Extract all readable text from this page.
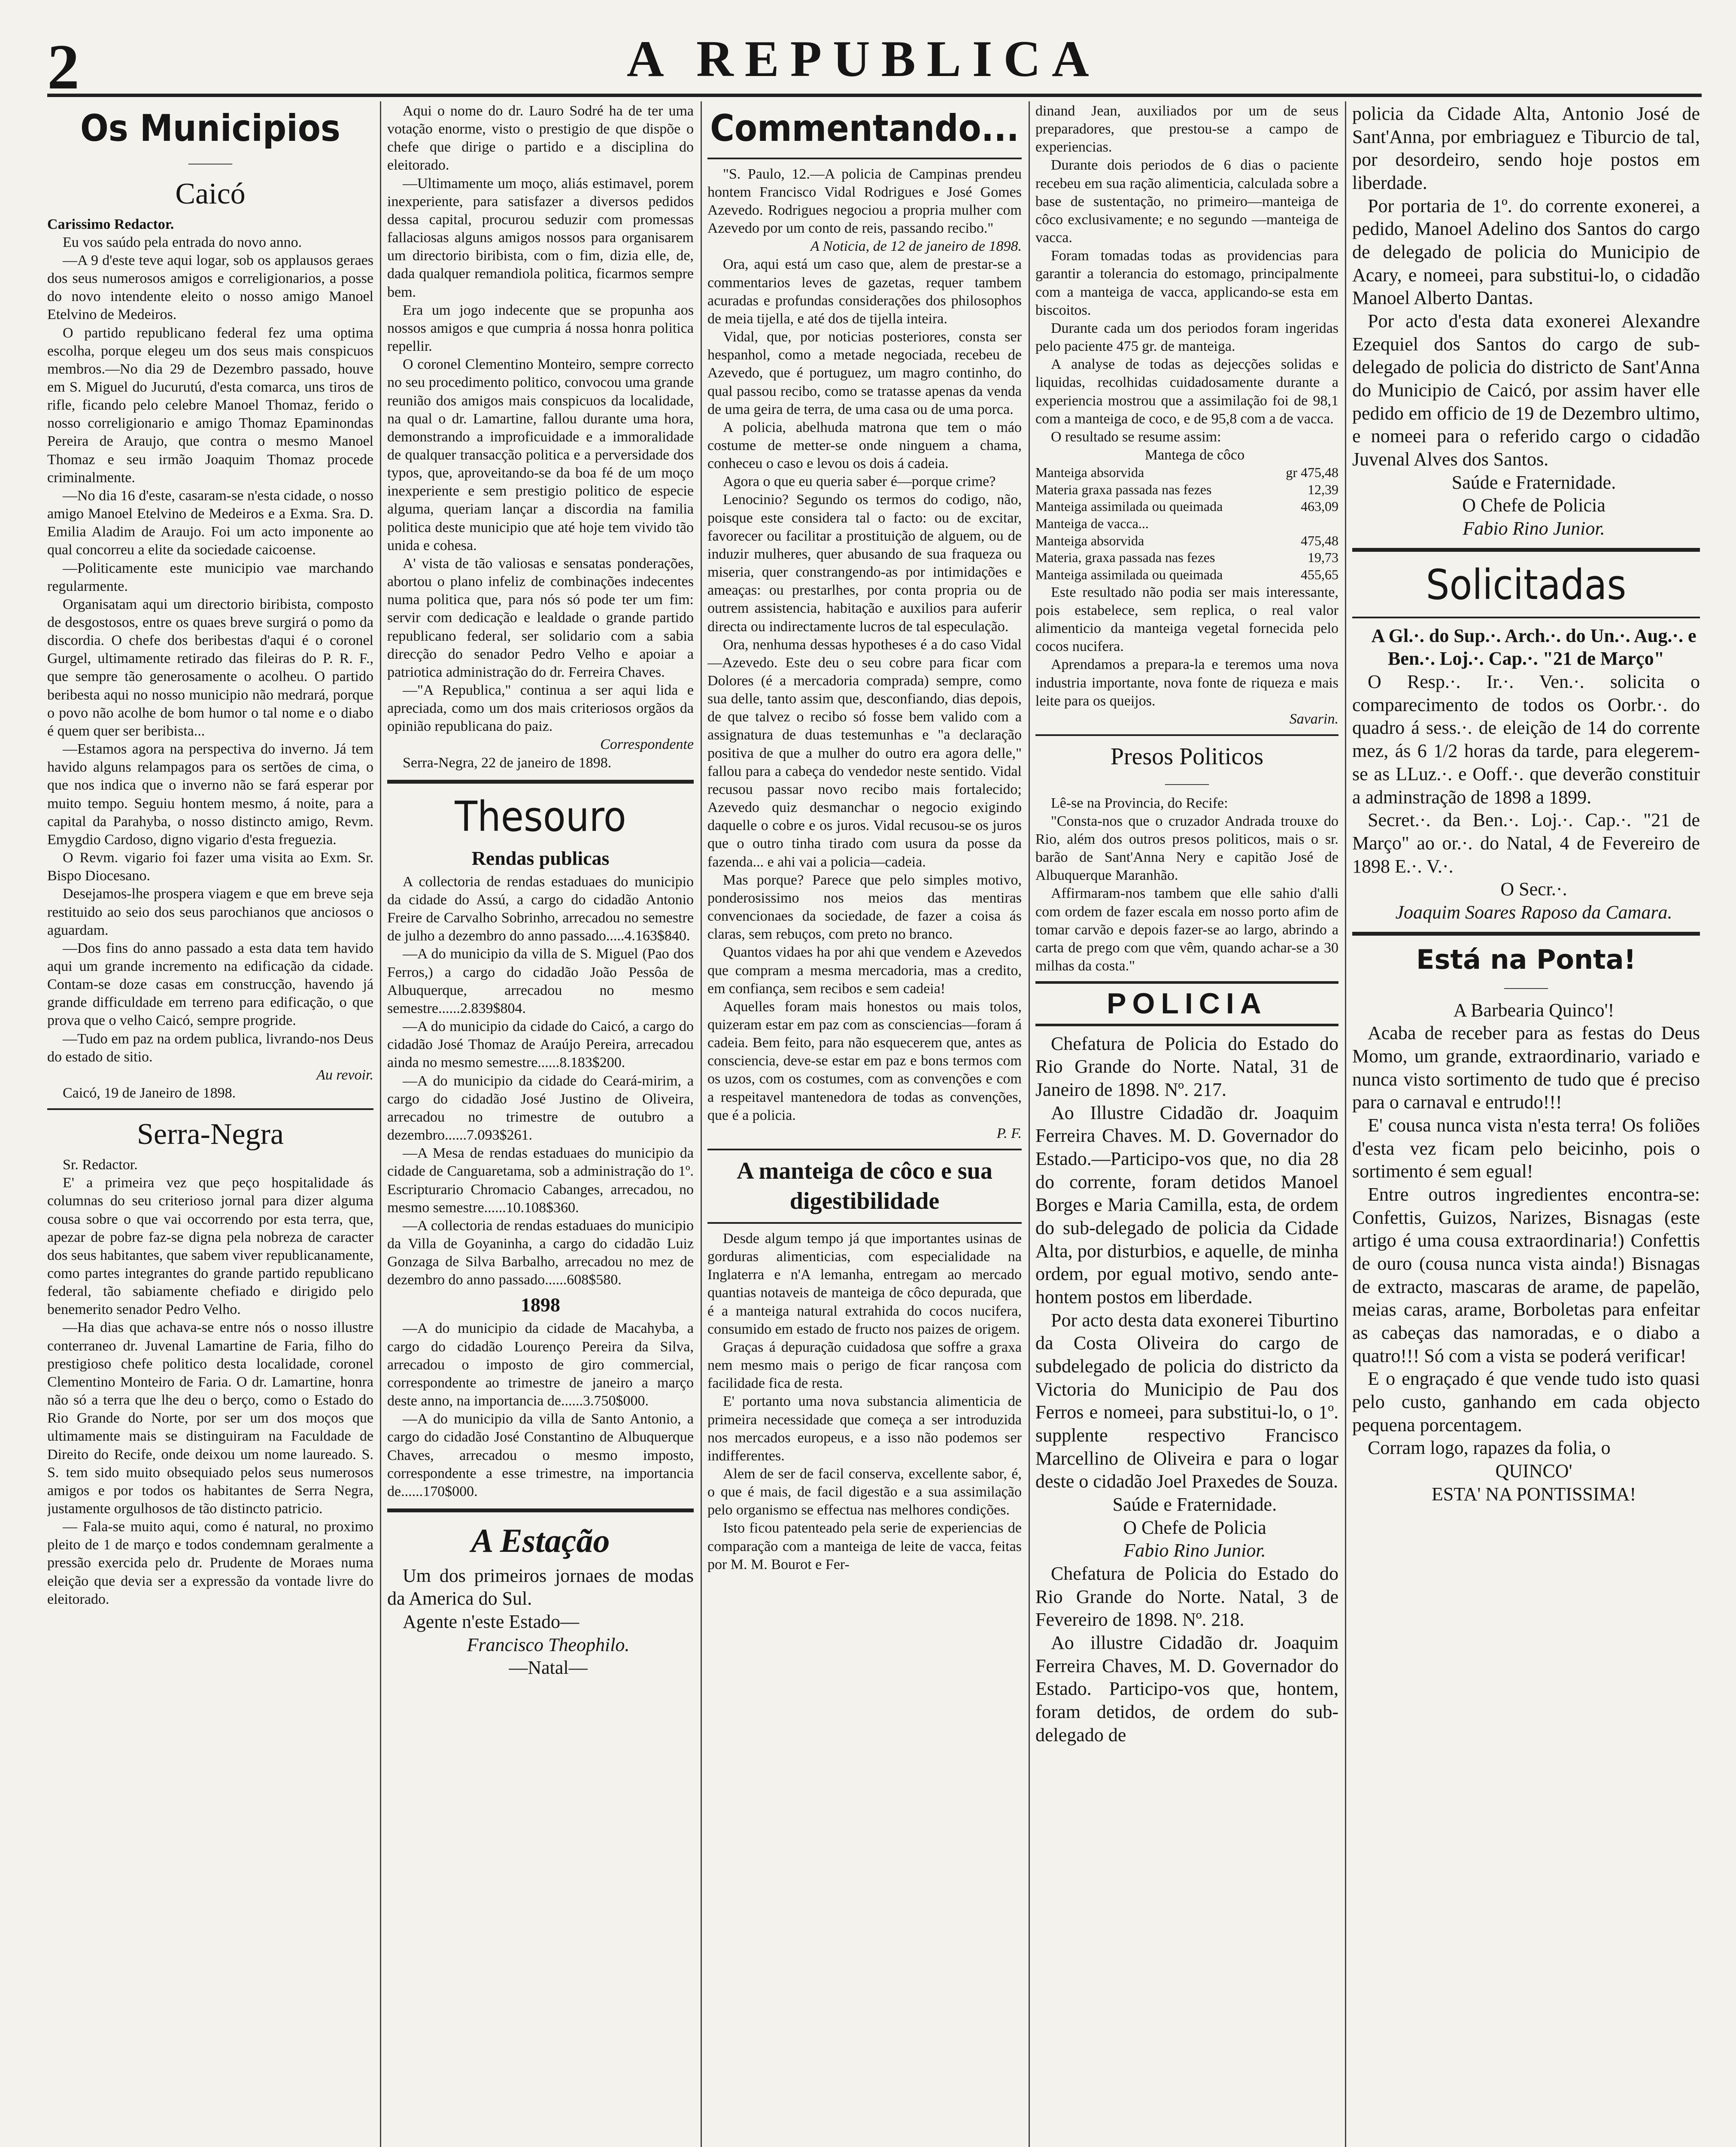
2	A REPUBLICA
Os Municipios
———
Caicó

Carissimo Redactor.

Eu vos saúdo pela entrada do novo anno.

—A 9 d'este teve aqui logar, sob os applausos geraes dos seus numerosos amigos e correligionarios, a posse do novo intendente eleito o nosso amigo Manoel Etelvino de Medeiros.

O partido republicano federal fez uma optima escolha, porque elegeu um dos seus mais conspicuos membros.—No dia 29 de Dezembro passado, houve em S. Miguel do Jucurutú, d'esta comarca, uns tiros de rifle, ficando pelo celebre Manoel Thomaz, ferido o nosso correligionario e amigo Thomaz Epaminondas Pereira de Araujo, que contra o mesmo Manoel Thomaz e seu irmão Joaquim Thomaz procede criminalmente.

—No dia 16 d'este, casaram-se n'esta cidade, o nosso amigo Manoel Etelvino de Medeiros e a Exma. Sra. D. Emilia Aladim de Araujo. Foi um acto imponente ao qual concorreu a elite da sociedade caicoense.

—Politicamente este municipio vae marchando regularmente.

Organisatam aqui um directorio biribista, composto de desgostosos, entre os quaes breve surgirá o pomo da discordia. O chefe dos beribestas d'aqui é o coronel Gurgel, ultimamente retirado das fileiras do P. R. F., que sempre tão generosamente o acolheu. O partido beribesta aqui no nosso municipio não medrará, porque o povo não acolhe de bom humor o tal nome e o diabo é quem quer ser beribista...

—Estamos agora na perspectiva do inverno. Já tem havido alguns relampagos para os sertões de cima, o que nos indica que o inverno não se fará esperar por muito tempo. Seguiu hontem mesmo, á noite, para a capital da Parahyba, o nosso distincto amigo, Revm. Emygdio Cardoso, digno vigario d'esta freguezia.

O Revm. vigario foi fazer uma visita ao Exm. Sr. Bispo Diocesano.

Desejamos-lhe prospera viagem e que em breve seja restituido ao seio dos seus parochianos que anciosos o aguardam.

—Dos fins do anno passado a esta data tem havido aqui um grande incremento na edificação da cidade. Contam-se doze casas em construcção, havendo já grande difficuldade em terreno para edificação, o que prova que o velho Caicó, sempre progride.

—Tudo em paz na ordem publica, livrando-nos Deus do estado de sitio.

Au revoir.

Caicó, 19 de Janeiro de 1898.

Serra-Negra

Sr. Redactor.

E' a primeira vez que peço hospitalidade ás columnas do seu criterioso jornal para dizer alguma cousa sobre o que vai occorrendo por esta terra, que, apezar de pobre faz-se digna pela nobreza de caracter dos seus habitantes, que sabem viver republicanamente, como partes integrantes do grande partido republicano federal, tão sabiamente chefiado e dirigido pelo benemerito senador Pedro Velho.

—Ha dias que achava-se entre nós o nosso illustre conterraneo dr. Juvenal Lamartine de Faria, filho do prestigioso chefe politico desta localidade, coronel Clementino Monteiro de Faria. O dr. Lamartine, honra não só a terra que lhe deu o berço, como o Estado do Rio Grande do Norte, por ser um dos moços que ultimamente mais se distinguiram na Faculdade de Direito do Recife, onde deixou um nome laureado. S. S. tem sido muito obsequiado pelos seus numerosos amigos e por todos os habitantes de Serra Negra, justamente orgulhosos de tão distincto patricio.

— Fala-se muito aqui, como é natural, no proximo pleito de 1 de março e todos condemnam geralmente a pressão exercida pelo dr. Prudente de Moraes numa eleição que devia ser a expressão da vontade livre do eleitorado.

Aqui o nome do dr. Lauro Sodré ha de ter uma votação enorme, visto o prestigio de que dispõe o chefe que dirige o partido e a disciplina do eleitorado.

—Ultimamente um moço, aliás estimavel, porem inexperiente, para satisfazer a diversos pedidos dessa capital, procurou seduzir com promessas fallaciosas alguns amigos nossos para organisarem um directorio biribista, com o fim, dizia elle, de, dada qualquer remandiola politica, ficarmos sempre bem.

Era um jogo indecente que se propunha aos nossos amigos e que cumpria á nossa honra politica repellir.

O coronel Clementino Monteiro, sempre correcto no seu procedimento politico, convocou uma grande reunião dos amigos mais conspicuos da localidade, na qual o dr. Lamartine, fallou durante uma hora, demonstrando a improficuidade e a immoralidade de qualquer transacção politica e a perversidade dos typos, que, aproveitando-se da boa fé de um moço inexperiente e sem prestigio politico de especie alguma, queriam lançar a discordia na familia politica deste municipio que até hoje tem vivido tão unida e cohesa.

A' vista de tão valiosas e sensatas ponderações, abortou o plano infeliz de combinações indecentes numa politica que, para nós só pode ter um fim: servir com dedicação e lealdade o grande partido republicano federal, ser solidario com a sabia direcção do senador Pedro Velho e apoiar a patriotica administração do dr. Ferreira Chaves.

—"A Republica," continua a ser aqui lida e apreciada, como um dos mais criteriosos orgãos da opinião republicana do paiz.

Correspondente

Serra-Negra, 22 de janeiro de 1898.

Thesouro
Rendas publicas

A collectoria de rendas estaduaes do municipio da cidade do Assú, a cargo do cidadão Antonio Freire de Carvalho Sobrinho, arrecadou no semestre de julho a dezembro do anno passado.....4.163$840.

—A do municipio da villa de S. Miguel (Pao dos Ferros,) a cargo do cidadão João Pessôa de Albuquerque, arrecadou no mesmo semestre......2.839$804.

—A do municipio da cidade do Caicó, a cargo do cidadão José Thomaz de Araújo Pereira, arrecadou ainda no mesmo semestre......8.183$200.

—A do municipio da cidade do Ceará-mirim, a cargo do cidadão José Justino de Oliveira, arrecadou no trimestre de outubro a dezembro......7.093$261.

—A Mesa de rendas estaduaes do municipio da cidade de Canguaretama, sob a administração do 1º. Escripturario Chromacio Cabanges, arrecadou, no mesmo semestre......10.108$360.

—A collectoria de rendas estaduaes do municipio da Villa de Goyaninha, a cargo do cidadão Luiz Gonzaga de Silva Barbalho, arrecadou no mez de dezembro do anno passado......608$580.

1898

—A do municipio da cidade de Macahyba, a cargo do cidadão Lourenço Pereira da Silva, arrecadou o imposto de giro commercial, correspondente ao trimestre de janeiro a março deste anno, na importancia de......3.750$000.

—A do municipio da villa de Santo Antonio, a cargo do cidadão José Constantino de Albuquerque Chaves, arrecadou o mesmo imposto, correspondente a esse trimestre, na importancia de......170$000.

A Estação

Um dos primeiros jornaes de modas da America do Sul.

Agente n'este Estado—

Francisco Theophilo.

—Natal—

Commentando...

"S. Paulo, 12.—A policia de Campinas prendeu hontem Francisco Vidal Rodrigues e José Gomes Azevedo. Rodrigues negociou a propria mulher com Azevedo por um conto de reis, passando recibo."

A Noticia, de 12 de janeiro de 1898.

Ora, aqui está um caso que, alem de prestar-se a commentarios leves de gazetas, requer tambem acuradas e profundas considerações dos philosophos de meia tijella, e até dos de tijella inteira.

Vidal, que, por noticias posteriores, consta ser hespanhol, como a metade negociada, recebeu de Azevedo, que é portuguez, um magro continho, do qual passou recibo, como se tratasse apenas da venda de uma geira de terra, de uma casa ou de uma porca.

A policia, abelhuda matrona que tem o máo costume de metter-se onde ninguem a chama, conheceu o caso e levou os dois á cadeia.

Agora o que eu queria saber é—porque crime?

Lenocinio? Segundo os termos do codigo, não, poisque este considera tal o facto: ou de excitar, favorecer ou facilitar a prostituição de alguem, ou de induzir mulheres, quer abusando de sua fraqueza ou miseria, quer constrangendo-as por intimidações e ameaças: ou prestarlhes, por conta propria ou de outrem assistencia, habitação e auxilios para auferir directa ou indirectamente lucros de tal especulação.

Ora, nenhuma dessas hypotheses é a do caso Vidal—Azevedo. Este deu o seu cobre para ficar com Dolores (é a mercadoria comprada) sempre, como sua delle, tanto assim que, desconfiando, dias depois, de que talvez o recibo só fosse bem valido com a assignatura de duas testemunhas e "a declaração positiva de que a mulher do outro era agora delle," fallou para a cabeça do vendedor neste sentido. Vidal recusou passar novo recibo mais fortalecido; Azevedo quiz desmanchar o negocio exigindo daquelle o cobre e os juros. Vidal recusou-se os juros que o outro tinha tirado com usura da posse da fazenda... e ahi vai a policia—cadeia.

Mas porque? Parece que pelo simples motivo, ponderosissimo nos meios das mentiras convencionaes da sociedade, de fazer a coisa ás claras, sem rebuços, com preto no branco.

Quantos vidaes ha por ahi que vendem e Azevedos que compram a mesma mercadoria, mas a credito, em confiança, sem recibos e sem cadeia!

Aquelles foram mais honestos ou mais tolos, quizeram estar em paz com as consciencias—foram á cadeia. Bem feito, para não esquecerem que, antes as consciencia, deve-se estar em paz e bons termos com os uzos, com os costumes, com as convenções e com a respeitavel mantenedora de todas as convenções, que é a policia.

P. F.

A manteiga de côco e sua digestibilidade

Desde algum tempo já que importantes usinas de gorduras alimenticias, com especialidade na Inglaterra e n'A lemanha, entregam ao mercado quantias notaveis de manteiga de côco depurada, que é a manteiga natural extrahida do cocos nucifera, consumido em estado de fructo nos paizes de origem.

Graças á depuração cuidadosa que soffre a graxa nem mesmo mais o perigo de ficar rançosa com facilidade fica de resta.

E' portanto uma nova substancia alimenticia de primeira necessidade que começa a ser introduzida nos mercados europeus, e a isso não podemos ser indifferentes.

Alem de ser de facil conserva, excellente sabor, é, o que é mais, de facil digestão e a sua assimilação pelo organismo se effectua nas melhores condições.

Isto ficou patenteado pela serie de experiencias de comparação com a manteiga de leite de vacca, feitas por M. M. Bourot e Fer-

dinand Jean, auxiliados por um de seus preparadores, que prestou-se a campo de experiencias.

Durante dois periodos de 6 dias o paciente recebeu em sua ração alimenticia, calculada sobre a base de sustentação, no primeiro—manteiga de côco exclusivamente; e no segundo —manteiga de vacca.

Foram tomadas todas as providencias para garantir a tolerancia do estomago, principalmente com a manteiga de vacca, applicando-se esta em biscoitos.

Durante cada um dos periodos foram ingeridas pelo paciente 475 gr. de manteiga.

A analyse de todas as dejecções solidas e liquidas, recolhidas cuidadosamente durante a experiencia mostrou que a assimilação foi de 98,1 com a manteiga de coco, e de 95,8 com a de vacca.

O resultado se resume assim:

Mantega de côco

Manteiga absorvida	gr 475,48
Materia graxa passada nas fezes	12,39
Manteiga assimilada ou queimada	463,09
Manteiga de vacca...	
Manteiga absorvida	475,48
Materia, graxa passada nas fezes	19,73
Manteiga assimilada ou queimada	455,65

Este resultado não podia ser mais interessante, pois estabelece, sem replica, o real valor alimenticio da manteiga vegetal fornecida pelo cocos nucifera.

Aprendamos a prepara-la e teremos uma nova industria importante, nova fonte de riqueza e mais leite para os queijos.

Savarin.

Presos Politicos
———

Lê-se na Provincia, do Recife:

"Consta-nos que o cruzador Andrada trouxe do Rio, além dos outros presos politicos, mais o sr. barão de Sant'Anna Nery e capitão José de Albuquerque Maranhão.

Affirmaram-nos tambem que elle sahio d'alli com ordem de fazer escala em nosso porto afim de tomar carvão e depois fazer-se ao largo, abrindo a carta de prego com que vêm, quando achar-se a 30 milhas da costa."

POLICIA

Chefatura de Policia do Estado do Rio Grande do Norte. Natal, 31 de Janeiro de 1898. Nº. 217.

Ao Illustre Cidadão dr. Joaquim Ferreira Chaves. M. D. Governador do Estado.—Participo-vos que, no dia 28 do corrente, foram detidos Manoel Borges e Maria Camilla, esta, de ordem do sub-delegado de policia da Cidade Alta, por disturbios, e aquelle, de minha ordem, por egual motivo, sendo ante-hontem postos em liberdade.

Por acto desta data exonerei Tiburtino da Costa Oliveira do cargo de subdelegado de policia do districto da Victoria do Municipio de Pau dos Ferros e nomeei, para substitui-lo, o 1º. supplente respectivo Francisco Marcellino de Oliveira e para o logar deste o cidadão Joel Praxedes de Souza.

Saúde e Fraternidade.

O Chefe de Policia

Fabio Rino Junior.

Chefatura de Policia do Estado do Rio Grande do Norte. Natal, 3 de Fevereiro de 1898. Nº. 218.

Ao illustre Cidadão dr. Joaquim Ferreira Chaves, M. D. Governador do Estado. Participo-vos que, hontem, foram detidos, de ordem do sub-delegado de

policia da Cidade Alta, Antonio José de Sant'Anna, por embriaguez e Tiburcio de tal, por desordeiro, sendo hoje postos em liberdade.

Por portaria de 1º. do corrente exonerei, a pedido, Manoel Adelino dos Santos do cargo de delegado de policia do Municipio de Acary, e nomeei, para substitui-lo, o cidadão Manoel Alberto Dantas.

Por acto d'esta data exonerei Alexandre Ezequiel dos Santos do cargo de sub-delegado de policia do districto de Sant'Anna do Municipio de Caicó, por assim haver elle pedido em officio de 19 de Dezembro ultimo, e nomeei para o referido cargo o cidadão Juvenal Alves dos Santos.

Saúde e Fraternidade.

O Chefe de Policia

Fabio Rino Junior.

Solicitadas

A Gl.·. do Sup.·. Arch.·. do Un.·. Aug.·. e Ben.·. Loj.·. Cap.·. "21 de Março"

O Resp.·. Ir.·. Ven.·. solicita o comparecimento de todos os Oorbr.·. do quadro á sess.·. de eleição de 14 do corrente mez, ás 6 1/2 horas da tarde, para elegerem-se as LLuz.·. e Ooff.·. que deverão constituir a adminstração de 1898 a 1899.

Secret.·. da Ben.·. Loj.·. Cap.·. "21 de Março" ao or.·. do Natal, 4 de Fevereiro de 1898 E.·. V.·.

O Secr.·.

Joaquim Soares Raposo da Camara.

Está na Ponta!
———

A Barbearia Quinco'!

Acaba de receber para as festas do Deus Momo, um grande, extraordinario, variado e nunca visto sortimento de tudo que é preciso para o carnaval e entrudo!!!

E' cousa nunca vista n'esta terra! Os foliões d'esta vez ficam pelo beicinho, pois o sortimento é sem egual!

Entre outros ingredientes encontra-se: Confettis, Guizos, Narizes, Bisnagas (este artigo é uma cousa extraordinaria!) Confettis de ouro (cousa nunca vista ainda!) Bisnagas de extracto, mascaras de arame, de papelão, meias caras, arame, Borboletas para enfeitar as cabeças das namoradas, e o diabo a quatro!!! Só com a vista se poderá verificar!

E o engraçado é que vende tudo isto quasi pelo custo, ganhando em cada objecto pequena porcentagem.

Corram logo, rapazes da folia, o

QUINCO'

ESTA' NA PONTISSIMA!
